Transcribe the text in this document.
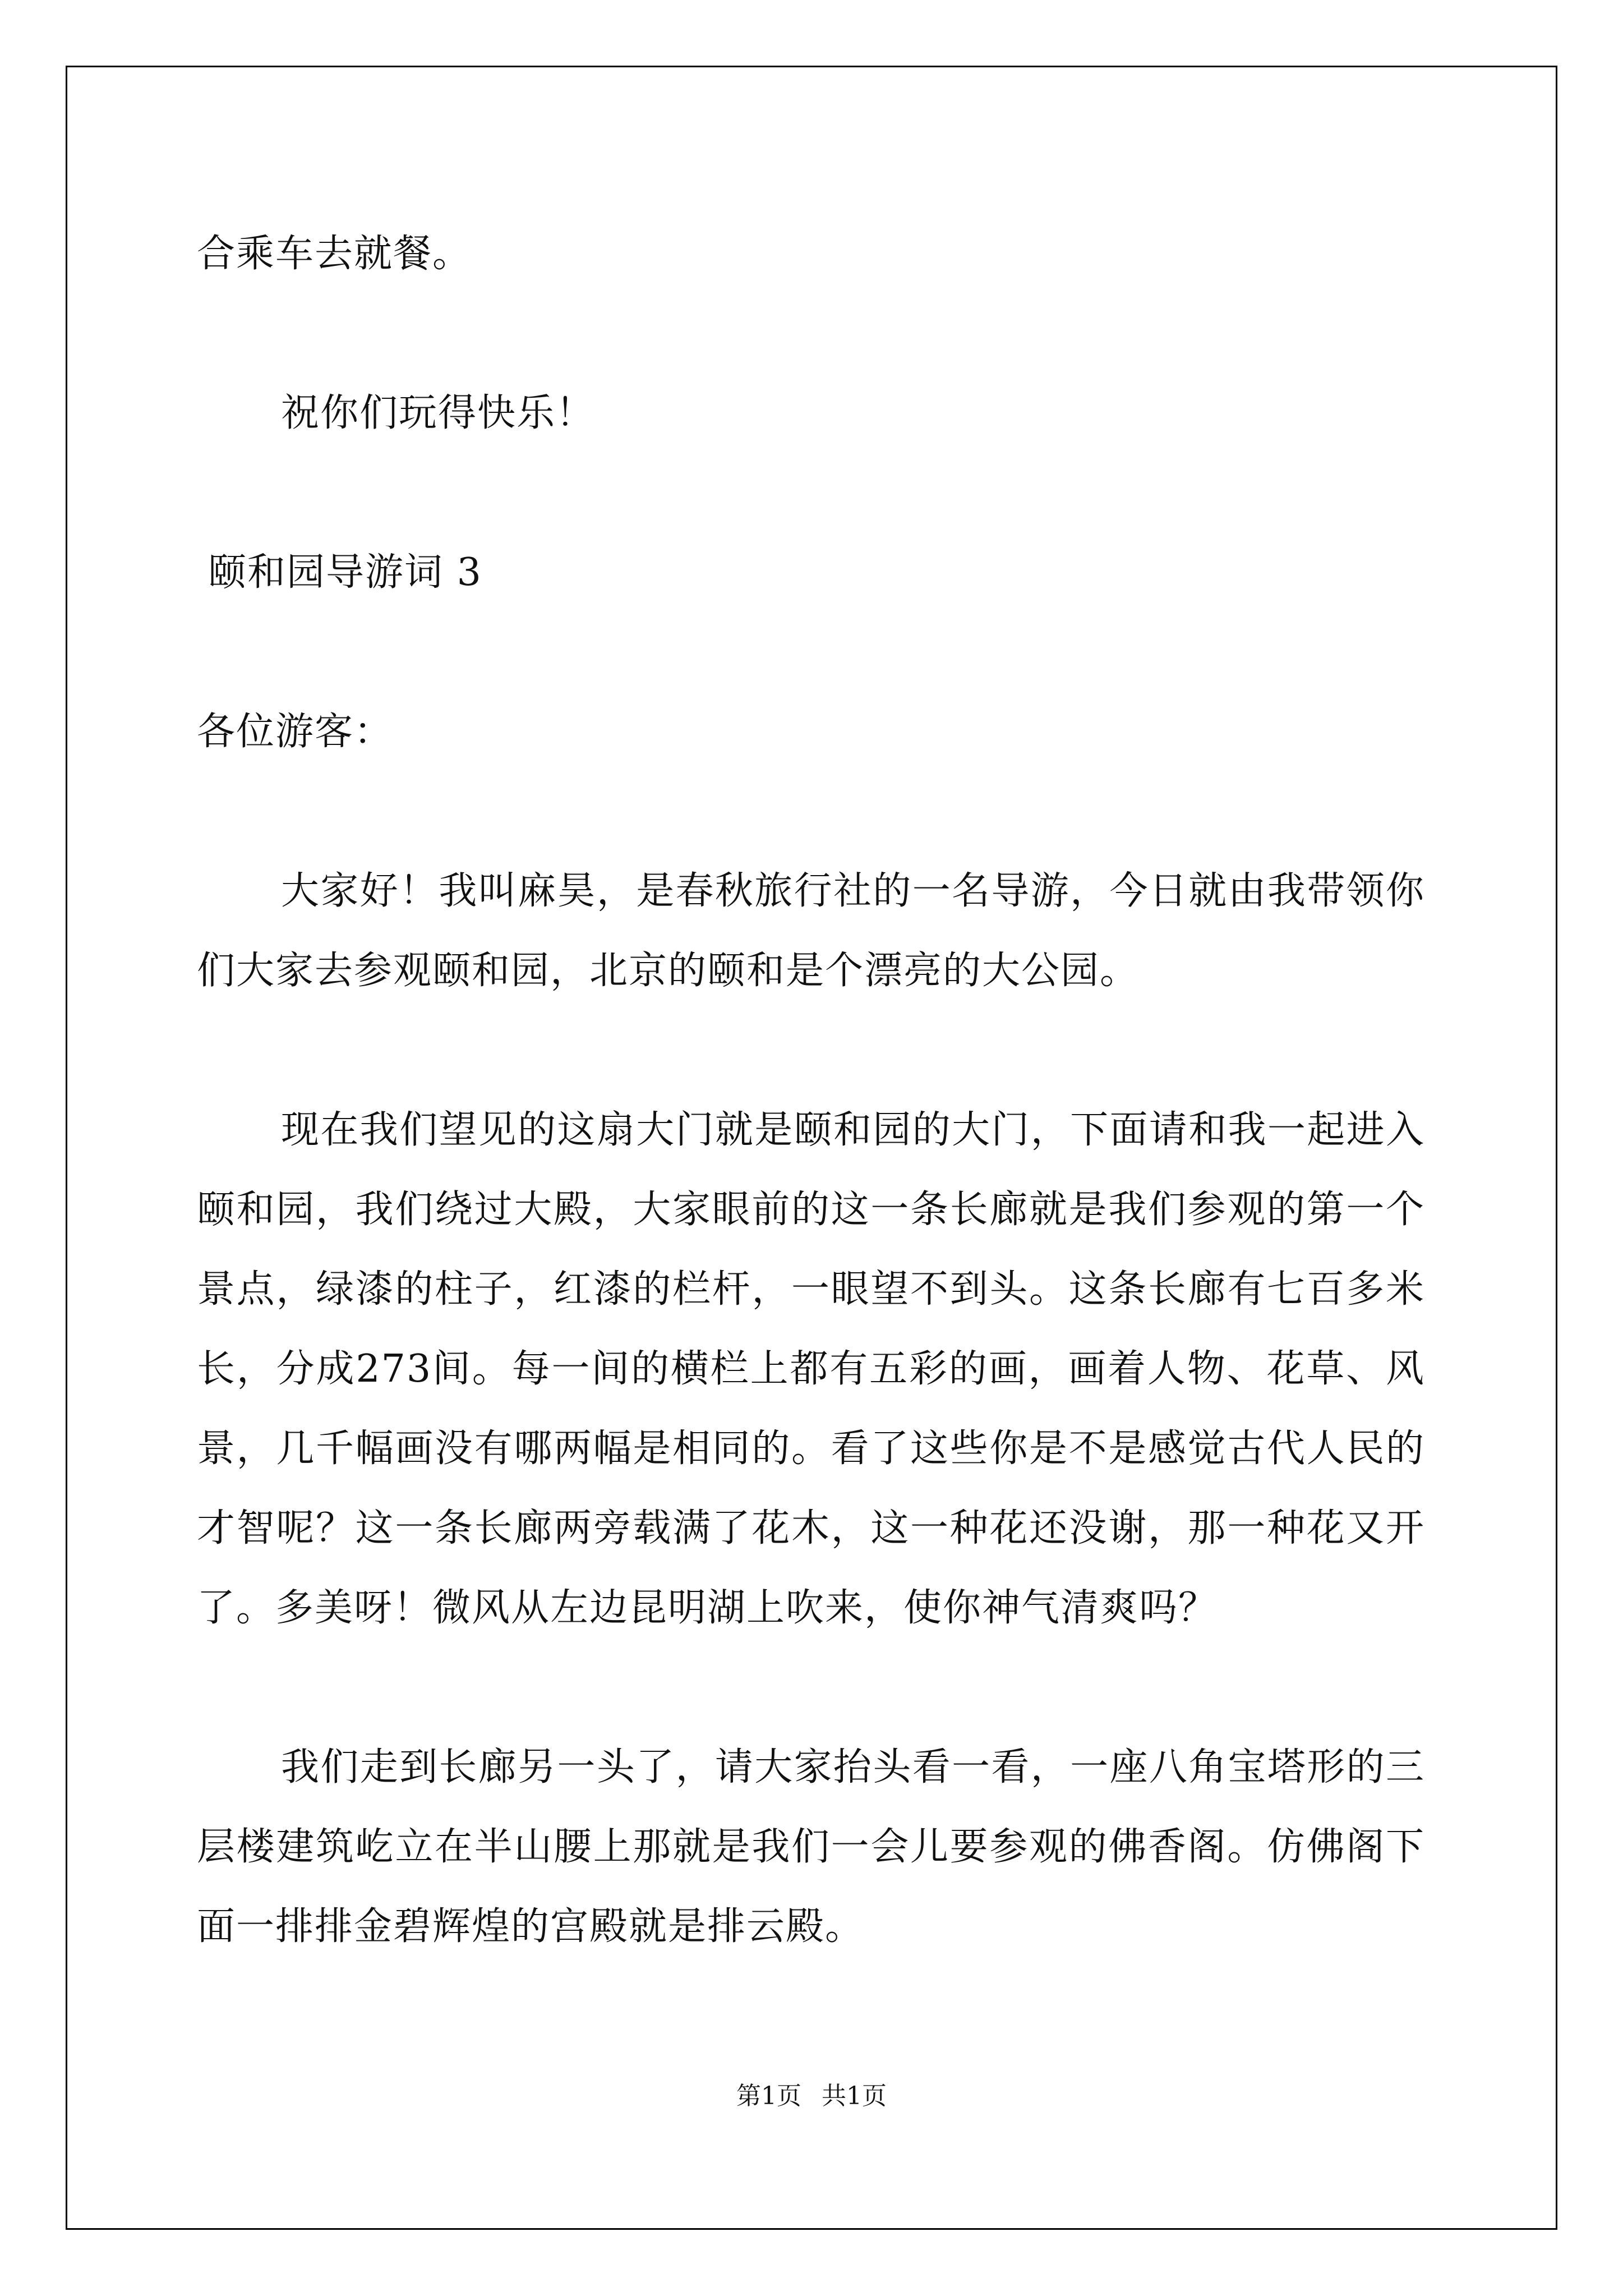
合乘车去就餐。

祝你们玩得快乐！

颐和园导游词 3

各位游客：

大家好！我叫麻昊，是春秋旅行社的一名导游，今日就由我带领你们大家去参观颐和园，北京的颐和是个漂亮的大公园。

现在我们望见的这扇大门就是颐和园的大门，下面请和我一起进入颐和园，我们绕过大殿，大家眼前的这一条长廊就是我们参观的第一个景点，绿漆的柱子，红漆的栏杆，一眼望不到头。这条长廊有七百多米长，分成273间。每一间的横栏上都有五彩的画，画着人物、花草、风景，几千幅画没有哪两幅是相同的。看了这些你是不是感觉古代人民的才智呢？这一条长廊两旁载满了花木，这一种花还没谢，那一种花又开了。多美呀！微风从左边昆明湖上吹来，使你神气清爽吗？

我们走到长廊另一头了，请大家抬头看一看，一座八角宝塔形的三层楼建筑屹立在半山腰上那就是我们一会儿要参观的佛香阁。仿佛阁下面一排排金碧辉煌的宫殿就是排云殿。

第1页 共1页
